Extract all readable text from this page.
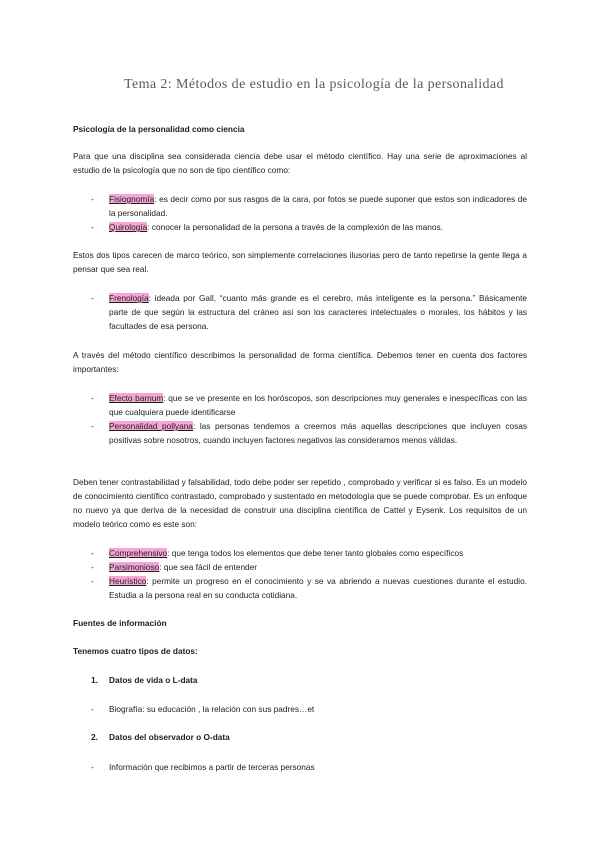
Tema 2: Métodos de estudio en la psicología de la personalidad
Psicología de la personalidad como ciencia
Para que una disciplina sea considerada ciencia debe usar el método científico. Hay una serie de aproximaciones al estudio de la psicología que no son de tipo científico como:
- Fisiognomía: es decir como por sus rasgos de la cara, por fotos se puede suponer que estos son indicadores de la personalidad.
- Quirología: conocer la personalidad de la persona a través de la complexión de las manos.
Estos dos tipos carecen de marco teórico, son simplemente correlaciones ilusorias pero de tanto repetirse la gente llega a pensar que sea real.
- Frenología: ideada por Gall, “cuanto más grande es el cerebro, más inteligente es la persona.” Básicamente parte de que según la estructura del cráneo así son los caracteres intelectuales o morales, los hábitos y las facultades de esa persona.
A través del método científico describimos la personalidad de forma científica. Debemos tener en cuenta dos factores importantes:
- Efecto barnum: que se ve presente en los horóscopos, son descripciones muy generales e inespecíficas con las que cualquiera puede identificarse
- Personalidad pollyana: las personas tendemos a creernos más aquellas descripciones que incluyen cosas positivas sobre nosotros, cuando incluyen factores negativos las consideramos menos válidas.
Deben tener contrastabilidad y falsabilidad, todo debe poder ser repetido , comprobado y verificar si es falso. Es un modelo de conocimiento científico contrastado, comprobado y sustentado en metodología que se puede comprobar. Es un enfoque no nuevo ya que deriva de la necesidad de construir una disciplina científica de Cattel y Eysenk. Los requisitos de un modelo teórico como es este son:
- Comprehensivo: que tenga todos los elementos que debe tener tanto globales como específicos
- Parsimonioso: que sea fácil de entender
- Heurístico: permite un progreso en el conocimiento y se va abriendo a nuevas cuestiones durante el estudio. Estudia a la persona real en su conducta cotidiana.
Fuentes de información
Tenemos cuatro tipos de datos:
1. Datos de vida o L-data
- Biografía: su educación , la relación con sus padres…et
2. Datos del observador o O-data
- Información que recibimos a partir de terceras personas
